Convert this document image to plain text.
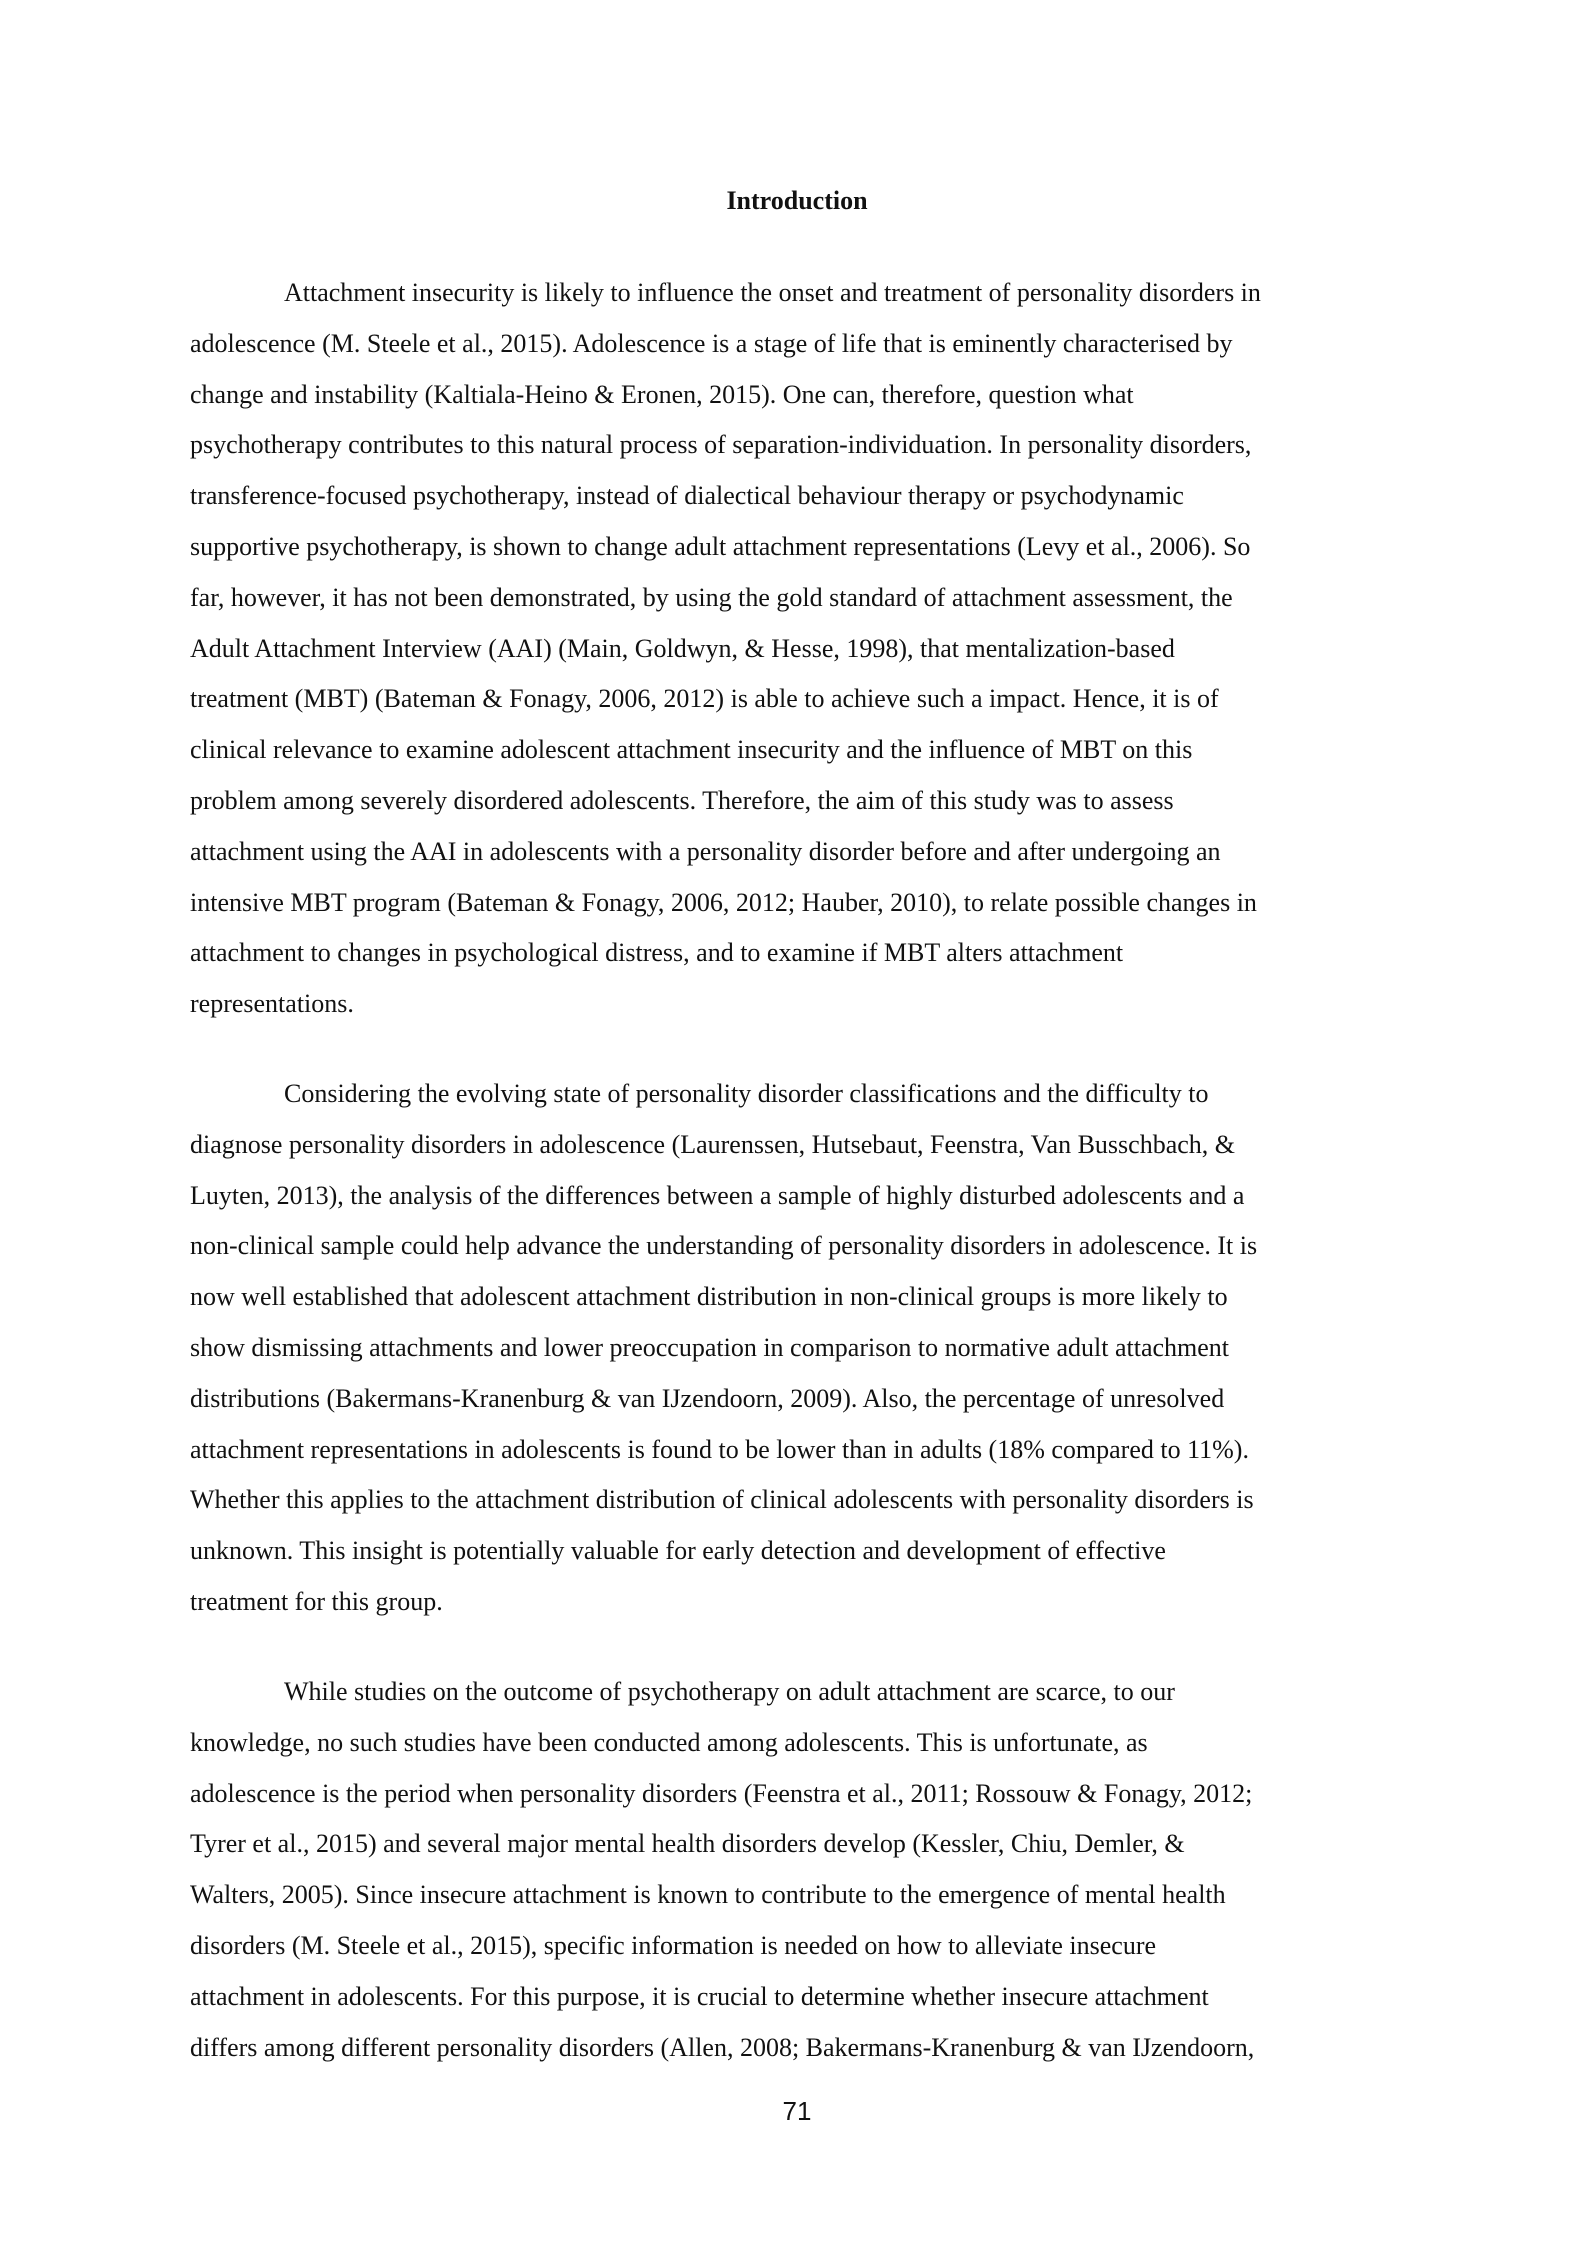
Introduction
Attachment insecurity is likely to influence the onset and treatment of personality disorders in
adolescence (M. Steele et al., 2015). Adolescence is a stage of life that is eminently characterised by
change and instability (Kaltiala-Heino & Eronen, 2015). One can, therefore, question what
psychotherapy contributes to this natural process of separation-individuation. In personality disorders,
transference-focused psychotherapy, instead of dialectical behaviour therapy or psychodynamic
supportive psychotherapy, is shown to change adult attachment representations (Levy et al., 2006). So
far, however, it has not been demonstrated, by using the gold standard of attachment assessment, the
Adult Attachment Interview (AAI) (Main, Goldwyn, & Hesse, 1998), that mentalization-based
treatment (MBT) (Bateman & Fonagy, 2006, 2012) is able to achieve such a impact. Hence, it is of
clinical relevance to examine adolescent attachment insecurity and the influence of MBT on this
problem among severely disordered adolescents. Therefore, the aim of this study was to assess
attachment using the AAI in adolescents with a personality disorder before and after undergoing an
intensive MBT program (Bateman & Fonagy, 2006, 2012; Hauber, 2010), to relate possible changes in
attachment to changes in psychological distress, and to examine if MBT alters attachment
representations.
Considering the evolving state of personality disorder classifications and the difficulty to
diagnose personality disorders in adolescence (Laurenssen, Hutsebaut, Feenstra, Van Busschbach, &
Luyten, 2013), the analysis of the differences between a sample of highly disturbed adolescents and a
non-clinical sample could help advance the understanding of personality disorders in adolescence. It is
now well established that adolescent attachment distribution in non-clinical groups is more likely to
show dismissing attachments and lower preoccupation in comparison to normative adult attachment
distributions (Bakermans-Kranenburg & van IJzendoorn, 2009). Also, the percentage of unresolved
attachment representations in adolescents is found to be lower than in adults (18% compared to 11%).
Whether this applies to the attachment distribution of clinical adolescents with personality disorders is
unknown. This insight is potentially valuable for early detection and development of effective
treatment for this group.
While studies on the outcome of psychotherapy on adult attachment are scarce, to our
knowledge, no such studies have been conducted among adolescents. This is unfortunate, as
adolescence is the period when personality disorders (Feenstra et al., 2011; Rossouw & Fonagy, 2012;
Tyrer et al., 2015) and several major mental health disorders develop (Kessler, Chiu, Demler, &
Walters, 2005). Since insecure attachment is known to contribute to the emergence of mental health
disorders (M. Steele et al., 2015), specific information is needed on how to alleviate insecure
attachment in adolescents. For this purpose, it is crucial to determine whether insecure attachment
differs among different personality disorders (Allen, 2008; Bakermans-Kranenburg & van IJzendoorn,
71
